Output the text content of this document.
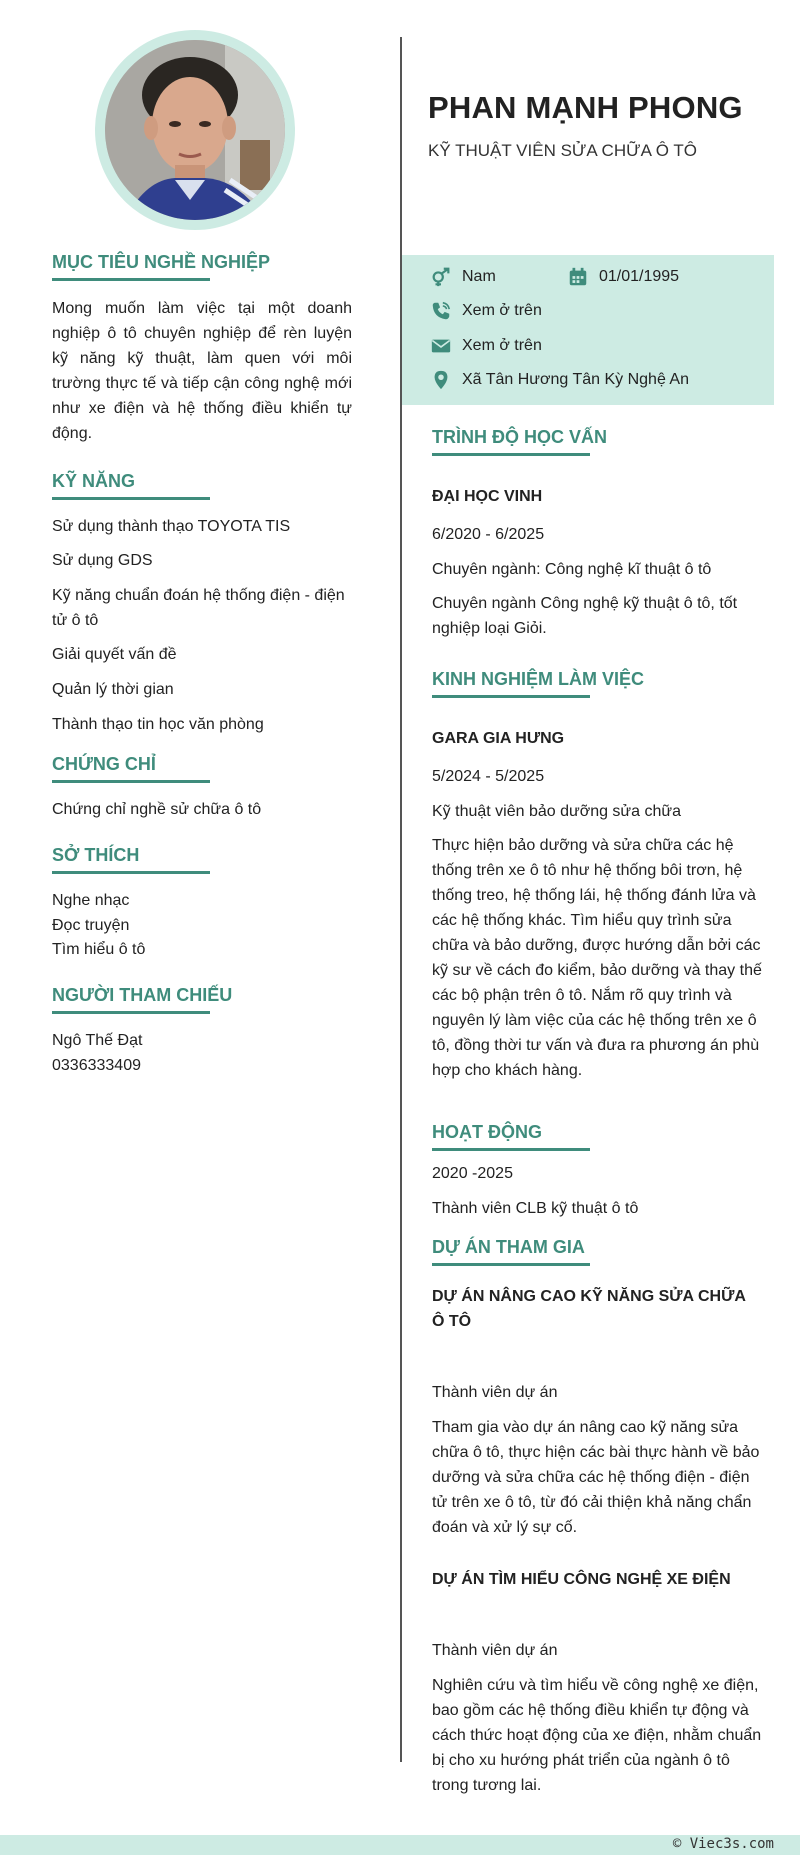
MỤC TIÊU NGHỀ NGHIỆP
Mong muốn làm việc tại một doanh nghiệp ô tô chuyên nghiệp để rèn luyện kỹ năng kỹ thuật, làm quen với môi trường thực tế và tiếp cận công nghệ mới như xe điện và hệ thống điều khiển tự động.
KỸ NĂNG
Sử dụng thành thạo TOYOTA TIS
Sử dụng GDS
Kỹ năng chuẩn đoán hệ thống điện - điện tử ô tô
Giải quyết vấn đề
Quản lý thời gian
Thành thạo tin học văn phòng
CHỨNG CHỈ
Chứng chỉ nghề sử chữa ô tô
SỞ THÍCH
Nghe nhạc
Đọc truyện
Tìm hiểu ô tô
NGƯỜI THAM CHIẾU
Ngô Thế Đạt
0336333409
PHAN MẠNH PHONG
KỸ THUẬT VIÊN SỬA CHỮA Ô TÔ
Nam	01/01/1995
Xem ở trên
Xem ở trên
Xã Tân Hương Tân Kỳ Nghệ An
TRÌNH ĐỘ HỌC VẤN
ĐẠI HỌC VINH
6/2020 - 6/2025
Chuyên ngành: Công nghệ kĩ thuật ô tô
Chuyên ngành Công nghệ kỹ thuật ô tô, tốt nghiệp loại Giỏi.
KINH NGHIỆM LÀM VIỆC
GARA GIA HƯNG
5/2024 - 5/2025
Kỹ thuật viên bảo dưỡng sửa chữa
Thực hiện bảo dưỡng và sửa chữa các hệ thống trên xe ô tô như hệ thống bôi trơn, hệ thống treo, hệ thống lái, hệ thống đánh lửa và các hệ thống khác. Tìm hiểu quy trình sửa chữa và bảo dưỡng, được hướng dẫn bởi các kỹ sư về cách đo kiểm, bảo dưỡng và thay thế các bộ phận trên ô tô. Nắm rõ quy trình và nguyên lý làm việc của các hệ thống trên xe ô tô, đồng thời tư vấn và đưa ra phương án phù hợp cho khách hàng.
HOẠT ĐỘNG
2020 -2025
Thành viên CLB kỹ thuật ô tô
DỰ ÁN THAM GIA
DỰ ÁN NÂNG CAO KỸ NĂNG SỬA CHỮA Ô TÔ
Thành viên dự án
Tham gia vào dự án nâng cao kỹ năng sửa chữa ô tô, thực hiện các bài thực hành về bảo dưỡng và sửa chữa các hệ thống điện - điện tử trên xe ô tô, từ đó cải thiện khả năng chẩn đoán và xử lý sự cố.
DỰ ÁN TÌM HIỂU CÔNG NGHỆ XE ĐIỆN
Thành viên dự án
Nghiên cứu và tìm hiểu về công nghệ xe điện, bao gồm các hệ thống điều khiển tự động và cách thức hoạt động của xe điện, nhằm chuẩn bị cho xu hướng phát triển của ngành ô tô trong tương lai.
© Viec3s.com
